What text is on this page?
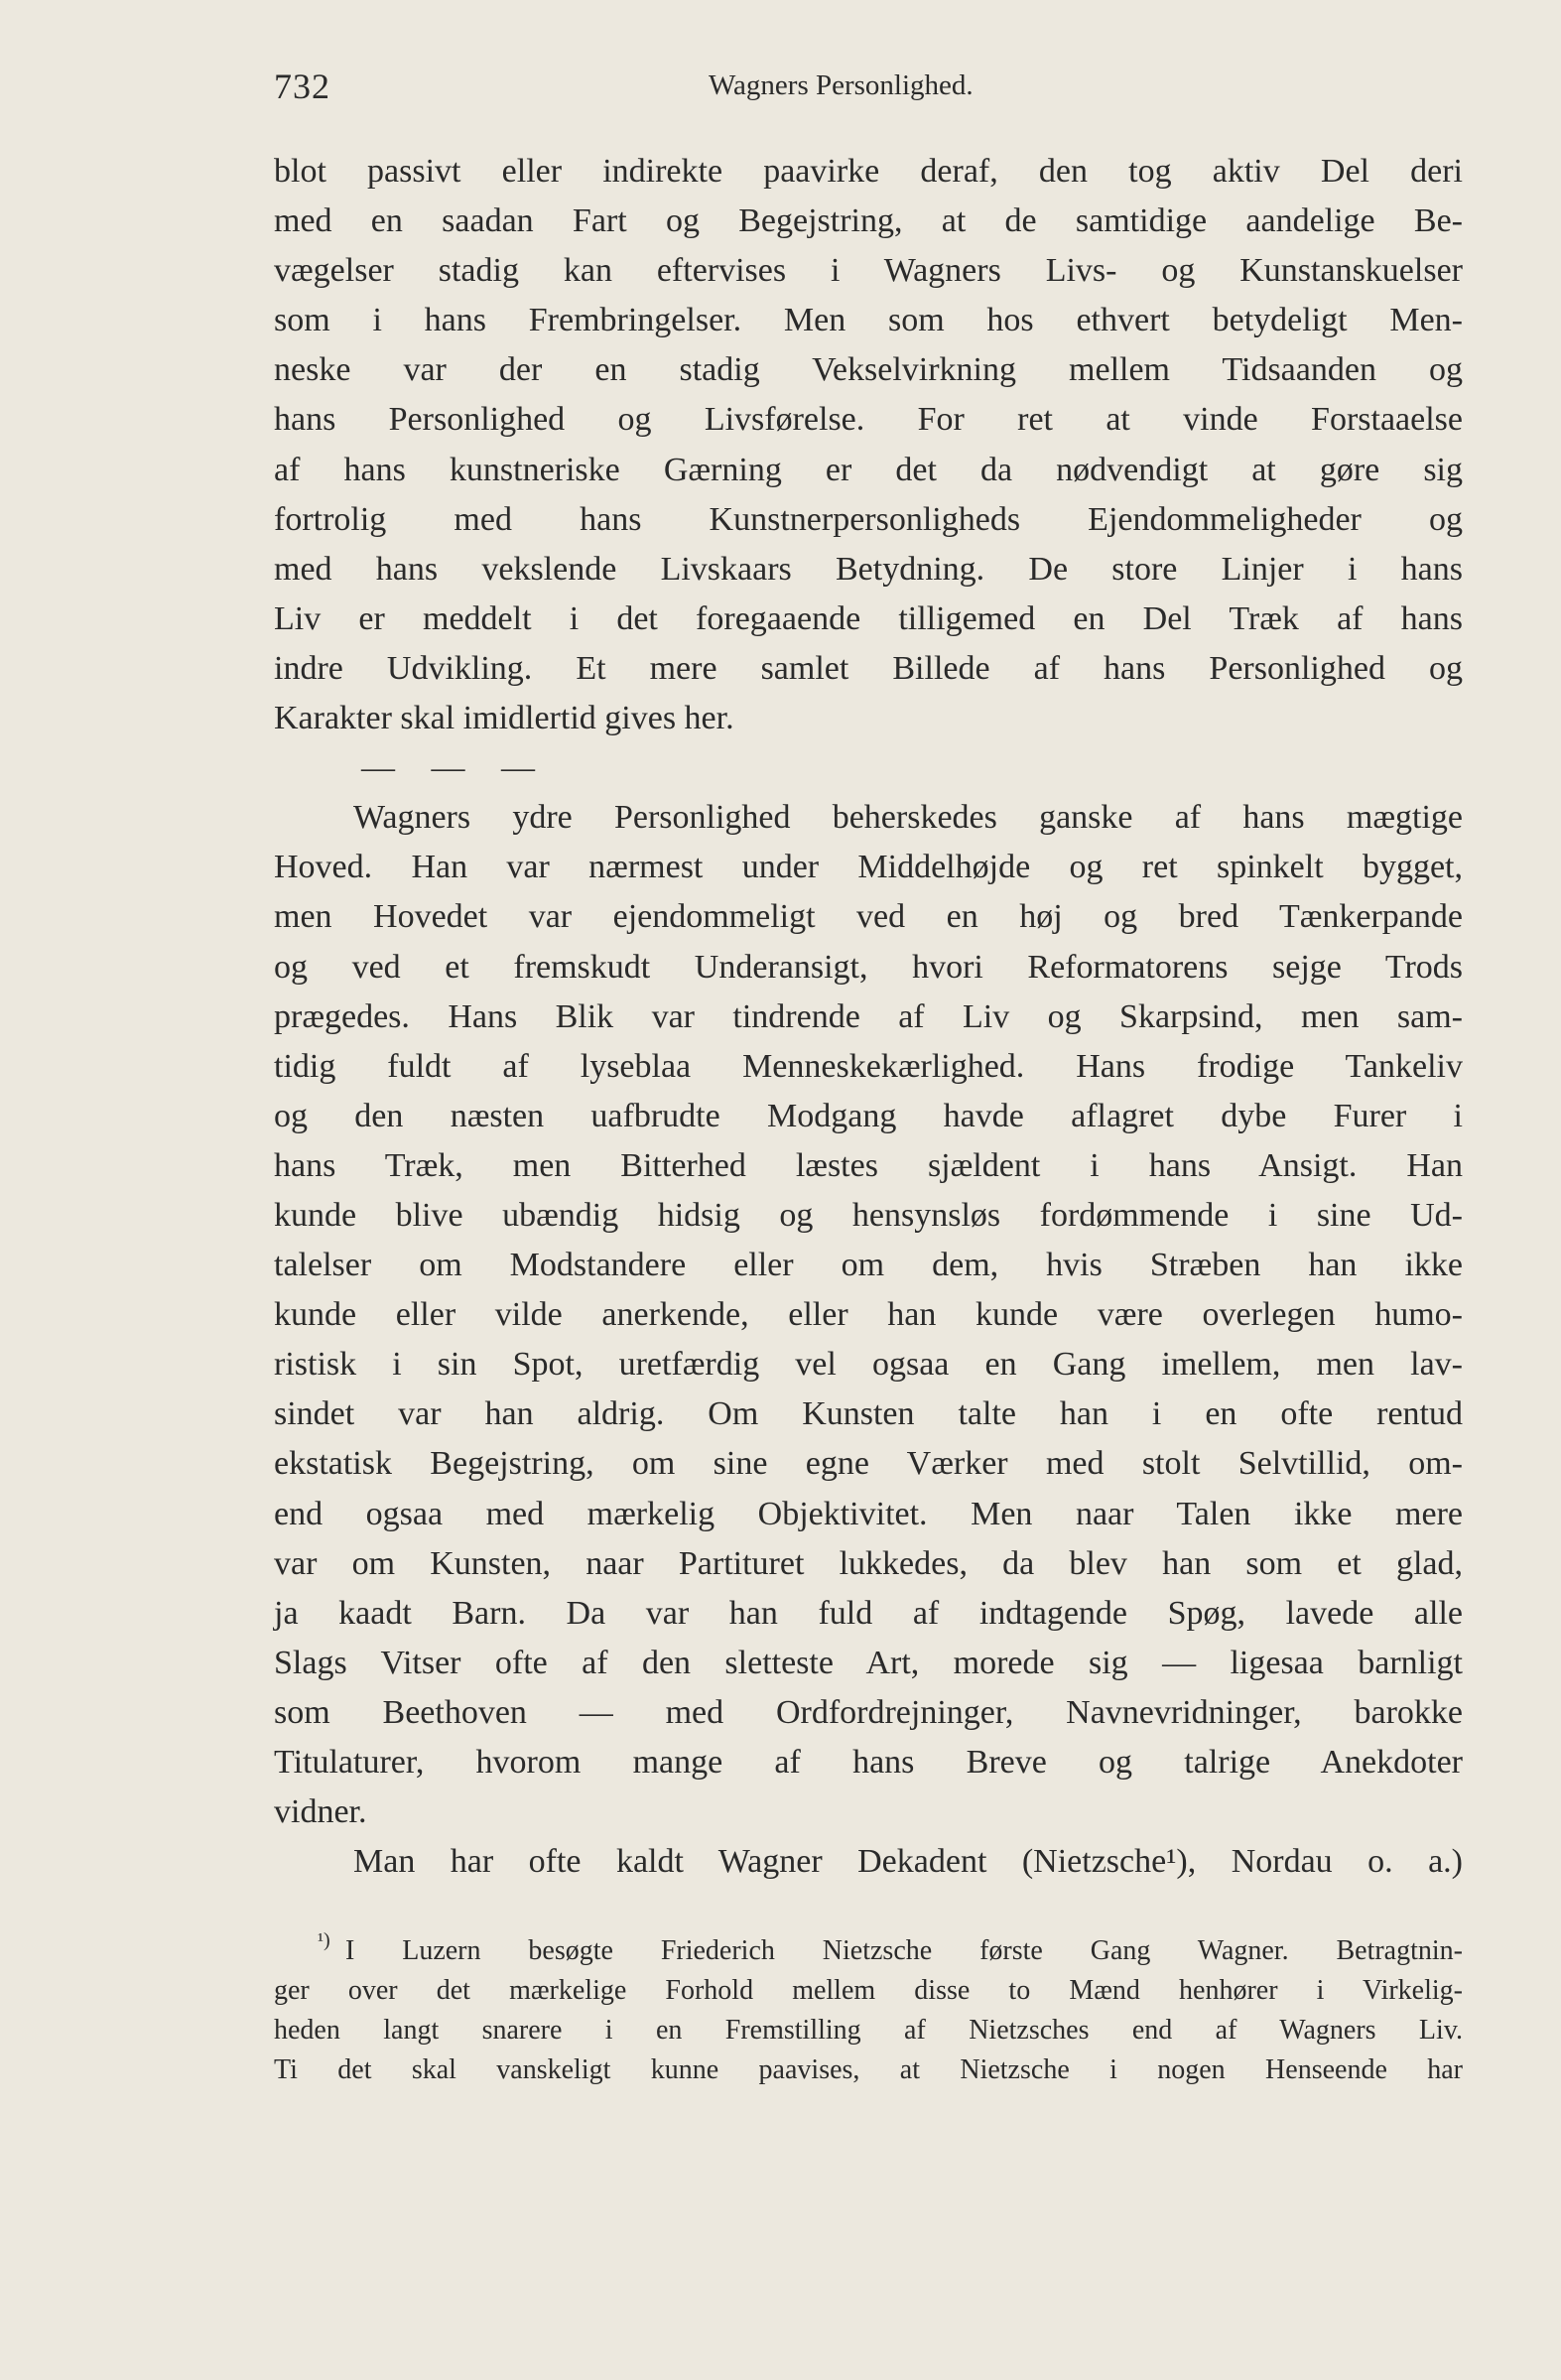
732	Wagners Personlighed.
blot passivt eller indirekte paavirke deraf, den tog aktiv Del deri
med en saadan Fart og Begejstring, at de samtidige aandelige Be-
vægelser stadig kan eftervises i Wagners Livs- og Kunstanskuelser
som i hans Frembringelser. Men som hos ethvert betydeligt Men-
neske var der en stadig Vekselvirkning mellem Tidsaanden og
hans Personlighed og Livsførelse. For ret at vinde Forstaaelse
af hans kunstneriske Gærning er det da nødvendigt at gøre sig
fortrolig med hans Kunstnerpersonligheds Ejendommeligheder og
med hans vekslende Livskaars Betydning. De store Linjer i hans
Liv er meddelt i det foregaaende tilligemed en Del Træk af hans
indre Udvikling. Et mere samlet Billede af hans Personlighed og
Karakter skal imidlertid gives her.
— — —
Wagners ydre Personlighed beherskedes ganske af hans mægtige
Hoved. Han var nærmest under Middelhøjde og ret spinkelt bygget,
men Hovedet var ejendommeligt ved en høj og bred Tænkerpande
og ved et fremskudt Underansigt, hvori Reformatorens sejge Trods
prægedes. Hans Blik var tindrende af Liv og Skarpsind, men sam-
tidig fuldt af lyseblaa Menneskekærlighed. Hans frodige Tankeliv
og den næsten uafbrudte Modgang havde aflagret dybe Furer i
hans Træk, men Bitterhed læstes sjældent i hans Ansigt. Han
kunde blive ubændig hidsig og hensynsløs fordømmende i sine Ud-
talelser om Modstandere eller om dem, hvis Stræben han ikke
kunde eller vilde anerkende, eller han kunde være overlegen humo-
ristisk i sin Spot, uretfærdig vel ogsaa en Gang imellem, men lav-
sindet var han aldrig. Om Kunsten talte han i en ofte rentud
ekstatisk Begejstring, om sine egne Værker med stolt Selvtillid, om-
end ogsaa med mærkelig Objektivitet. Men naar Talen ikke mere
var om Kunsten, naar Partituret lukkedes, da blev han som et glad,
ja kaadt Barn. Da var han fuld af indtagende Spøg, lavede alle
Slags Vitser ofte af den sletteste Art, morede sig — ligesaa barnligt
som Beethoven — med Ordfordrejninger, Navnevridninger, barokke
Titulaturer, hvorom mange af hans Breve og talrige Anekdoter
vidner.
Man har ofte kaldt Wagner Dekadent (Nietzsche¹), Nordau o. a.)
¹) I Luzern besøgte Friederich Nietzsche første Gang Wagner. Betragtnin-
ger over det mærkelige Forhold mellem disse to Mænd henhører i Virkelig-
heden langt snarere i en Fremstilling af Nietzsches end af Wagners Liv.
Ti det skal vanskeligt kunne paavises, at Nietzsche i nogen Henseende har
